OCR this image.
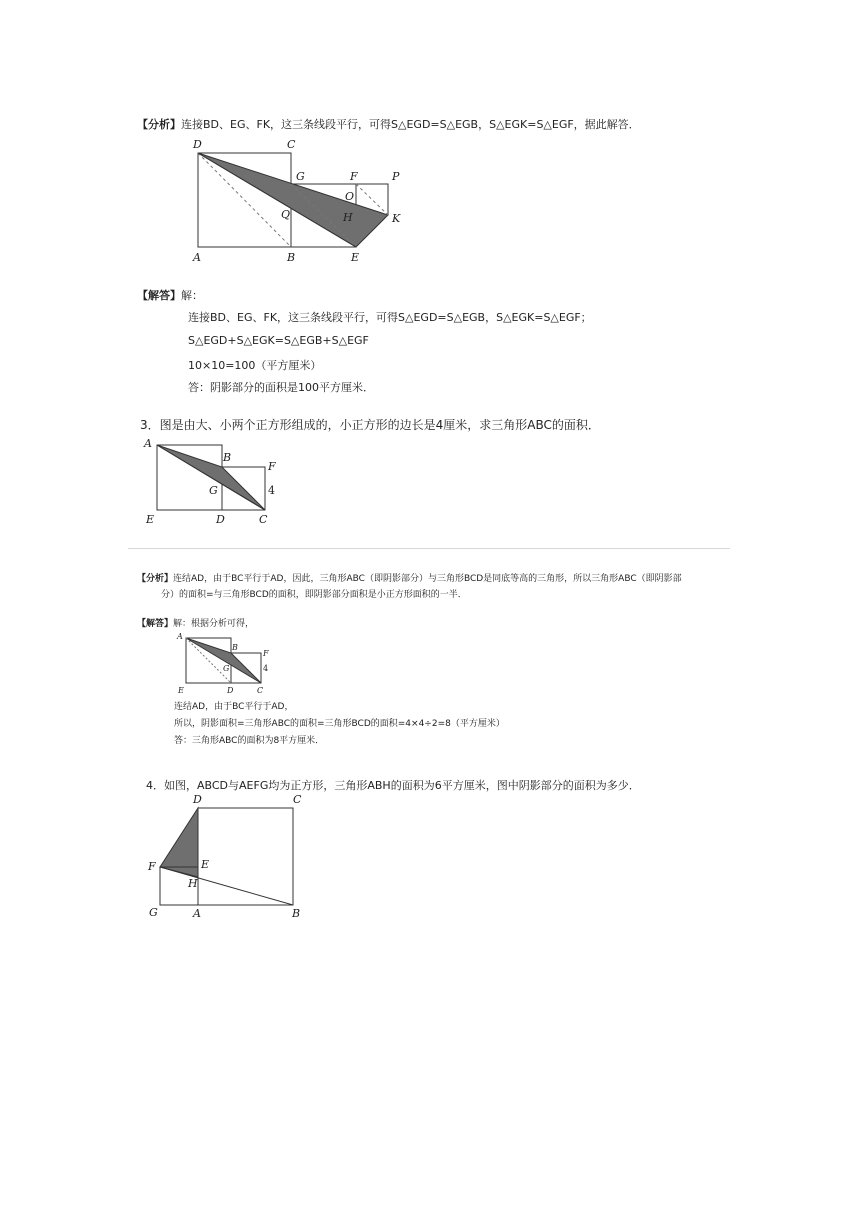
【分析】连接BD、EG、FK，这三条线段平行，可得S△EGD=S△EGB，S△EGK=S△EGF，据此解答．
D	C
G	F	P
O
H
Q	K
A	B	E
【解答】解：
连接BD、EG、FK，这三条线段平行，可得S△EGD=S△EGB，S△EGK=S△EGF；
S△EGD+S△EGK=S△EGB+S△EGF
10×10=100（平方厘米）
答：阴影部分的面积是100平方厘米．
3．图是由大、小两个正方形组成的，小正方形的边长是4厘米，求三角形ABC的面积．
A
B
F
G	4
E	D	C
【分析】连结AD，由于BC平行于AD，因此，三角形ABC（即阴影部分）与三角形BCD是同底等高的三角形，所以三角形ABC（即阴影部
分）的面积=与三角形BCD的面积，即阴影部分面积是小正方形面积的一半．
【解答】解：根据分析可得，
A
B
F
G	4
E	D	C
连结AD，由于BC平行于AD，
所以，阴影面积=三角形ABC的面积=三角形BCD的面积=4×4÷2=8（平方厘米）
答：三角形ABC的面积为8平方厘米．
4．如图，ABCD与AEFG均为正方形，三角形ABH的面积为6平方厘米，图中阴影部分的面积为多少．
D	C
F	E
H
G	A	B
